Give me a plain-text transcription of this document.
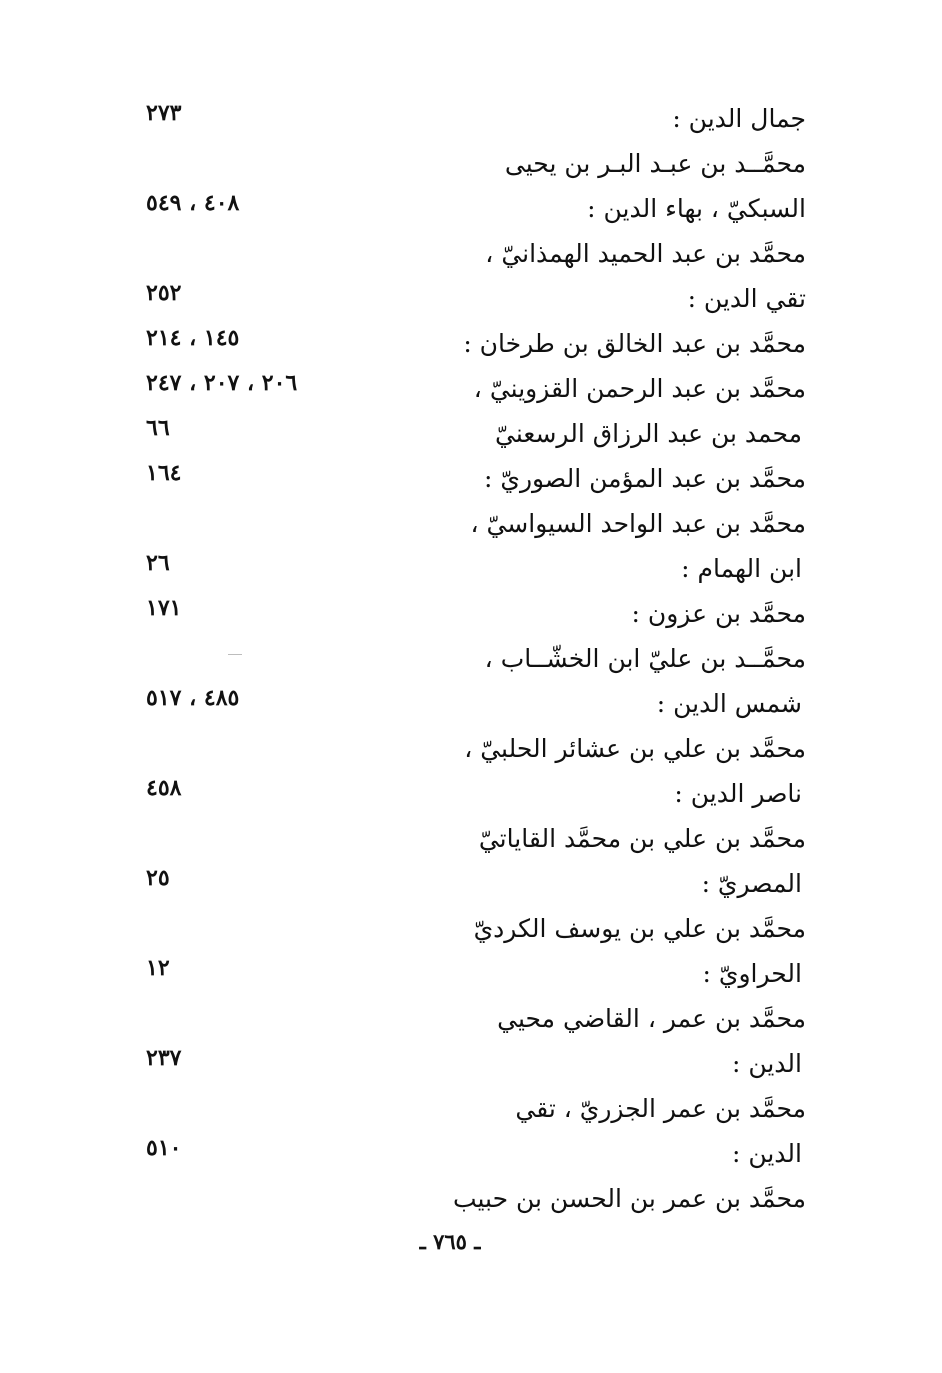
جمال الدين :
٢٧٣
محمَّــد بن عبـد البـر بن يحيى
السبكيّ ، بهاء الدين :
٤٠٨ ، ٥٤٩
محمَّد بن عبد الحميد الهمذانيّ ،
تقي الدين :
٢٥٢
محمَّد بن عبد الخالق بن طرخان :
١٤٥ ، ٢١٤
محمَّد بن عبد الرحمن القزوينيّ ،
٢٠٦ ، ٢٠٧ ، ٢٤٧
محمد بن عبد الرزاق الرسعنيّ
٦٦
محمَّد بن عبد المؤمن الصوريّ :
١٦٤
محمَّد بن عبد الواحد السيواسيّ ،
ابن الهمام :
٢٦
محمَّد بن عزون :
١٧١
محمَّــد بن عليّ ابن الخشّــاب ،
شمس الدين :
٤٨٥ ، ٥١٧
محمَّد بن علي بن عشائر الحلبيّ ،
ناصر الدين :
٤٥٨
محمَّد بن علي بن محمَّد القاياتيّ
المصريّ :
٢٥
محمَّد بن علي بن يوسف الكرديّ
الحراويّ :
١٢
محمَّد بن عمر ، القاضي محيي
الدين :
٢٣٧
محمَّد بن عمر الجزريّ ، تقي
الدين :
٥١٠
محمَّد بن عمر بن الحسن بن حبيب
ـ ٧٦٥ ـ
